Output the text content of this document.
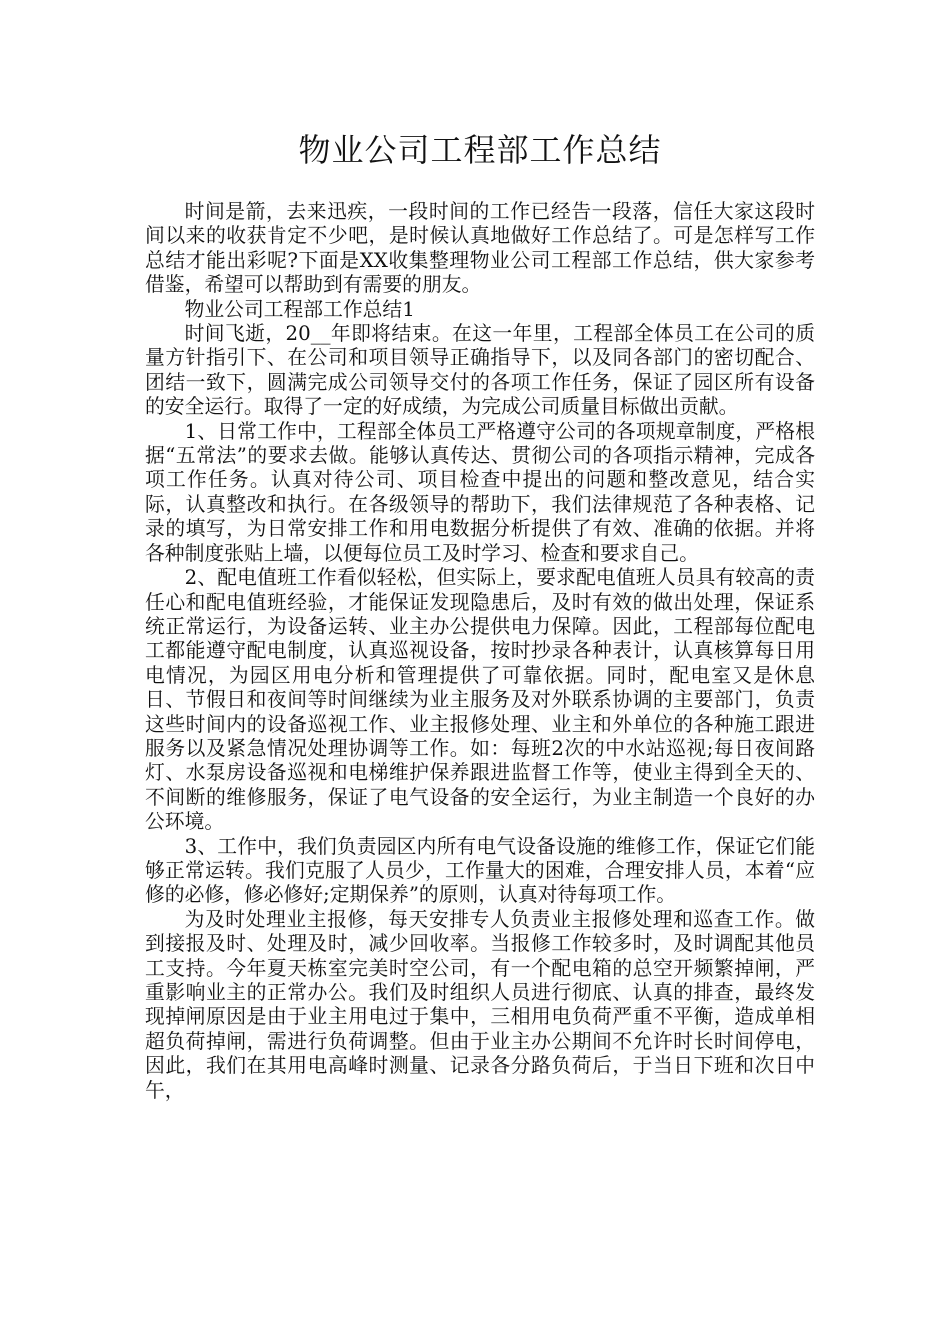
物业公司工程部工作总结

时间是箭，去来迅疾，一段时间的工作已经告一段落，信任大家这段时间以来的收获肯定不少吧，是时候认真地做好工作总结了。可是怎样写工作总结才能出彩呢?下面是XX收集整理物业公司工程部工作总结，供大家参考借鉴，希望可以帮助到有需要的朋友。

物业公司工程部工作总结1

时间飞逝，20__年即将结束。在这一年里，工程部全体员工在公司的质量方针指引下、在公司和项目领导正确指导下，以及同各部门的密切配合、团结一致下，圆满完成公司领导交付的各项工作任务，保证了园区所有设备的安全运行。取得了一定的好成绩，为完成公司质量目标做出贡献。

1、日常工作中，工程部全体员工严格遵守公司的各项规章制度，严格根据“五常法”的要求去做。能够认真传达、贯彻公司的各项指示精神，完成各项工作任务。认真对待公司、项目检查中提出的问题和整改意见，结合实际，认真整改和执行。在各级领导的帮助下，我们法律规范了各种表格、记录的填写，为日常安排工作和用电数据分析提供了有效、准确的依据。并将各种制度张贴上墙，以便每位员工及时学习、检查和要求自己。

2、配电值班工作看似轻松，但实际上，要求配电值班人员具有较高的责任心和配电值班经验，才能保证发现隐患后，及时有效的做出处理，保证系统正常运行，为设备运转、业主办公提供电力保障。因此，工程部每位配电工都能遵守配电制度，认真巡视设备，按时抄录各种表计，认真核算每日用电情况，为园区用电分析和管理提供了可靠依据。同时，配电室又是休息日、节假日和夜间等时间继续为业主服务及对外联系协调的主要部门，负责这些时间内的设备巡视工作、业主报修处理、业主和外单位的各种施工跟进服务以及紧急情况处理协调等工作。如：每班2次的中水站巡视;每日夜间路灯、水泵房设备巡视和电梯维护保养跟进监督工作等，使业主得到全天的、不间断的维修服务，保证了电气设备的安全运行，为业主制造一个良好的办公环境。

3、工作中，我们负责园区内所有电气设备设施的维修工作，保证它们能够正常运转。我们克服了人员少，工作量大的困难，合理安排人员，本着“应修的必修，修必修好;定期保养”的原则，认真对待每项工作。

为及时处理业主报修，每天安排专人负责业主报修处理和巡查工作。做到接报及时、处理及时，减少回收率。当报修工作较多时，及时调配其他员工支持。今年夏天栋室完美时空公司，有一个配电箱的总空开频繁掉闸，严重影响业主的正常办公。我们及时组织人员进行彻底、认真的排查，最终发现掉闸原因是由于业主用电过于集中，三相用电负荷严重不平衡，造成单相超负荷掉闸，需进行负荷调整。但由于业主办公期间不允许时长时间停电，因此，我们在其用电高峰时测量、记录各分路负荷后，于当日下班和次日中午，
